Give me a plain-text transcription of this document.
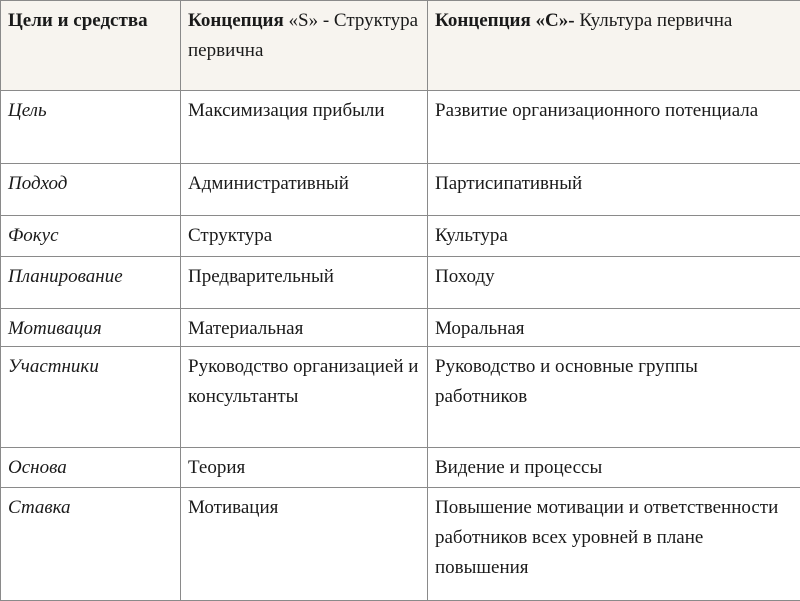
Цели и средства	Концепция «S» - Структура первична	Концепция «С»- Культура первична
Цель	Максимизация прибыли	Развитие организационного потенциала
Подход	Административный	Партисипативный
Фокус	Структура	Культура
Планирование	Предварительный	Походу
Мотивация	Материальная	Моральная
Участники	Руководство организацией и консультанты	Руководство и основные группы работников
Основа	Теория	Видение и процессы
Ставка	Мотивация	Повышение мотивации и ответственности работников всех уровней в плане повышения
